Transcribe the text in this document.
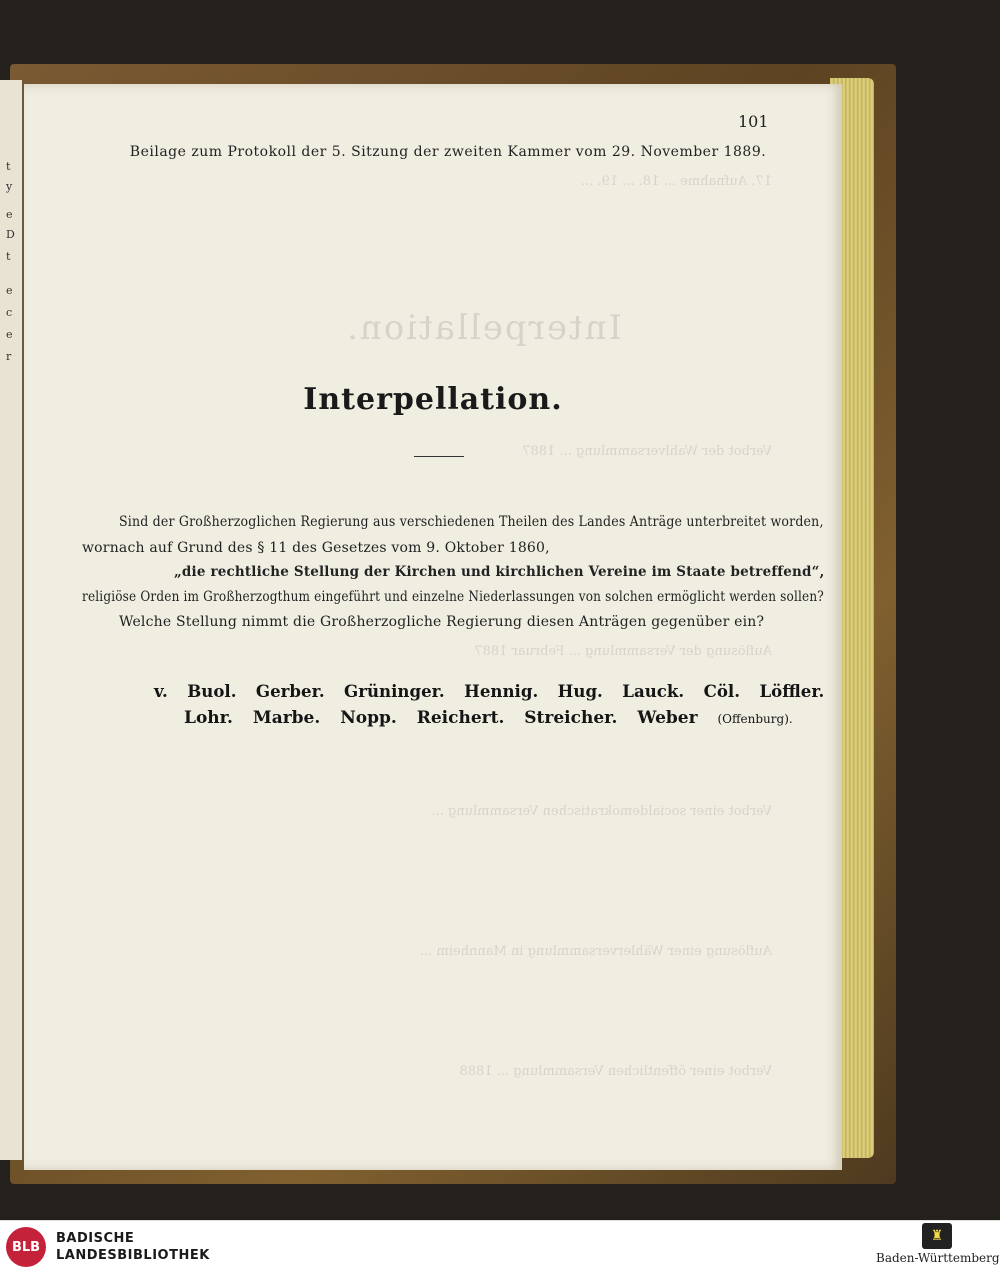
t
y
e
D
t
e
c
e
r
Interpellation.
17. Aufnahme ... 18. ... 19. ...
Verbot der Wahlversammlung ... 1887
Auflösung der Versammlung ... Februar 1887
Verbot einer socialdemokratischen Versammlung ...
Auflösung einer Wählerversammlung in Mannheim ...
Verbot einer öffentlichen Versammlung ... 1888
101
Beilage zum Protokoll der 5. Sitzung der zweiten Kammer vom 29. November 1889.
Interpellation.
Sind der Großherzoglichen Regierung aus verschiedenen Theilen des Landes Anträge unterbreitet worden,
wornach auf Grund des § 11 des Gesetzes vom 9. Oktober 1860,
„die rechtliche Stellung der Kirchen und kirchlichen Vereine im Staate betreffend“,
religiöse Orden im Großherzogthum eingeführt und einzelne Niederlassungen von solchen ermöglicht werden sollen?
Welche Stellung nimmt die Großherzogliche Regierung diesen Anträgen gegenüber ein?
v. Buol. Gerber. Grüninger. Hennig. Hug. Lauck. Cöl. Löffler.
Lohr. Marbe. Nopp. Reichert. Streicher. Weber (Offenburg).
BLB
BADISCHE
LANDESBIBLIOTHEK
♜
Baden-Württemberg
